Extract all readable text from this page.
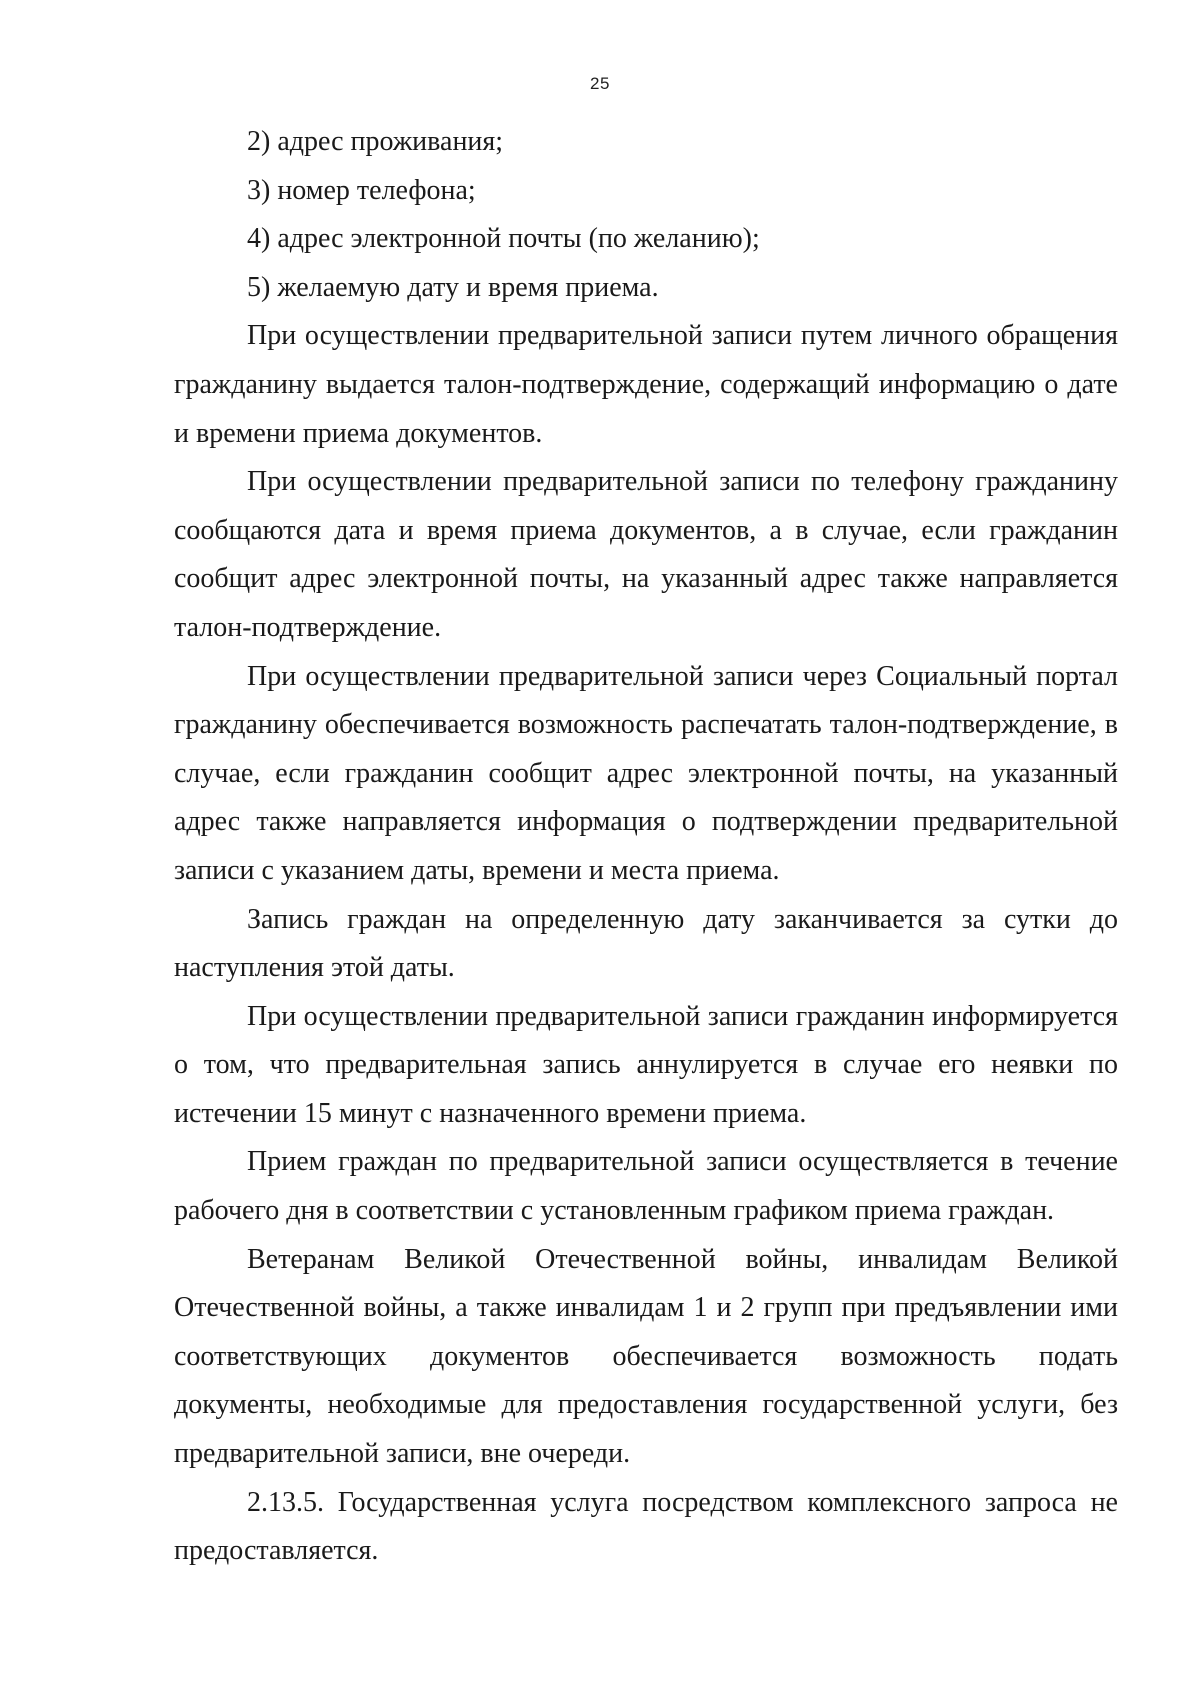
25

2) адрес проживания;

3) номер телефона;

4) адрес электронной почты (по желанию);

5) желаемую дату и время приема.

При осуществлении предварительной записи путем личного обращения гражданину выдается талон-подтверждение, содержащий информацию о дате и времени приема документов.

При осуществлении предварительной записи по телефону гражданину сообщаются дата и время приема документов, а в случае, если гражданин сообщит адрес электронной почты, на указанный адрес также направляется талон-подтверждение.

При осуществлении предварительной записи через Социальный портал гражданину обеспечивается возможность распечатать талон-подтверждение, в случае, если гражданин сообщит адрес электронной почты, на указанный адрес также направляется информация о подтверждении предварительной записи с указанием даты, времени и места приема.

Запись граждан на определенную дату заканчивается за сутки до наступления этой даты.

При осуществлении предварительной записи гражданин информируется о том, что предварительная запись аннулируется в случае его неявки по истечении 15 минут с назначенного времени приема.

Прием граждан по предварительной записи осуществляется в течение рабочего дня в соответствии с установленным графиком приема граждан.

Ветеранам Великой Отечественной войны, инвалидам Великой Отечественной войны, а также инвалидам 1 и 2 групп при предъявлении ими соответствующих документов обеспечивается возможность подать документы, необходимые для предоставления государственной услуги, без предварительной записи, вне очереди.

2.13.5. Государственная услуга посредством комплексного запроса не предоставляется.
